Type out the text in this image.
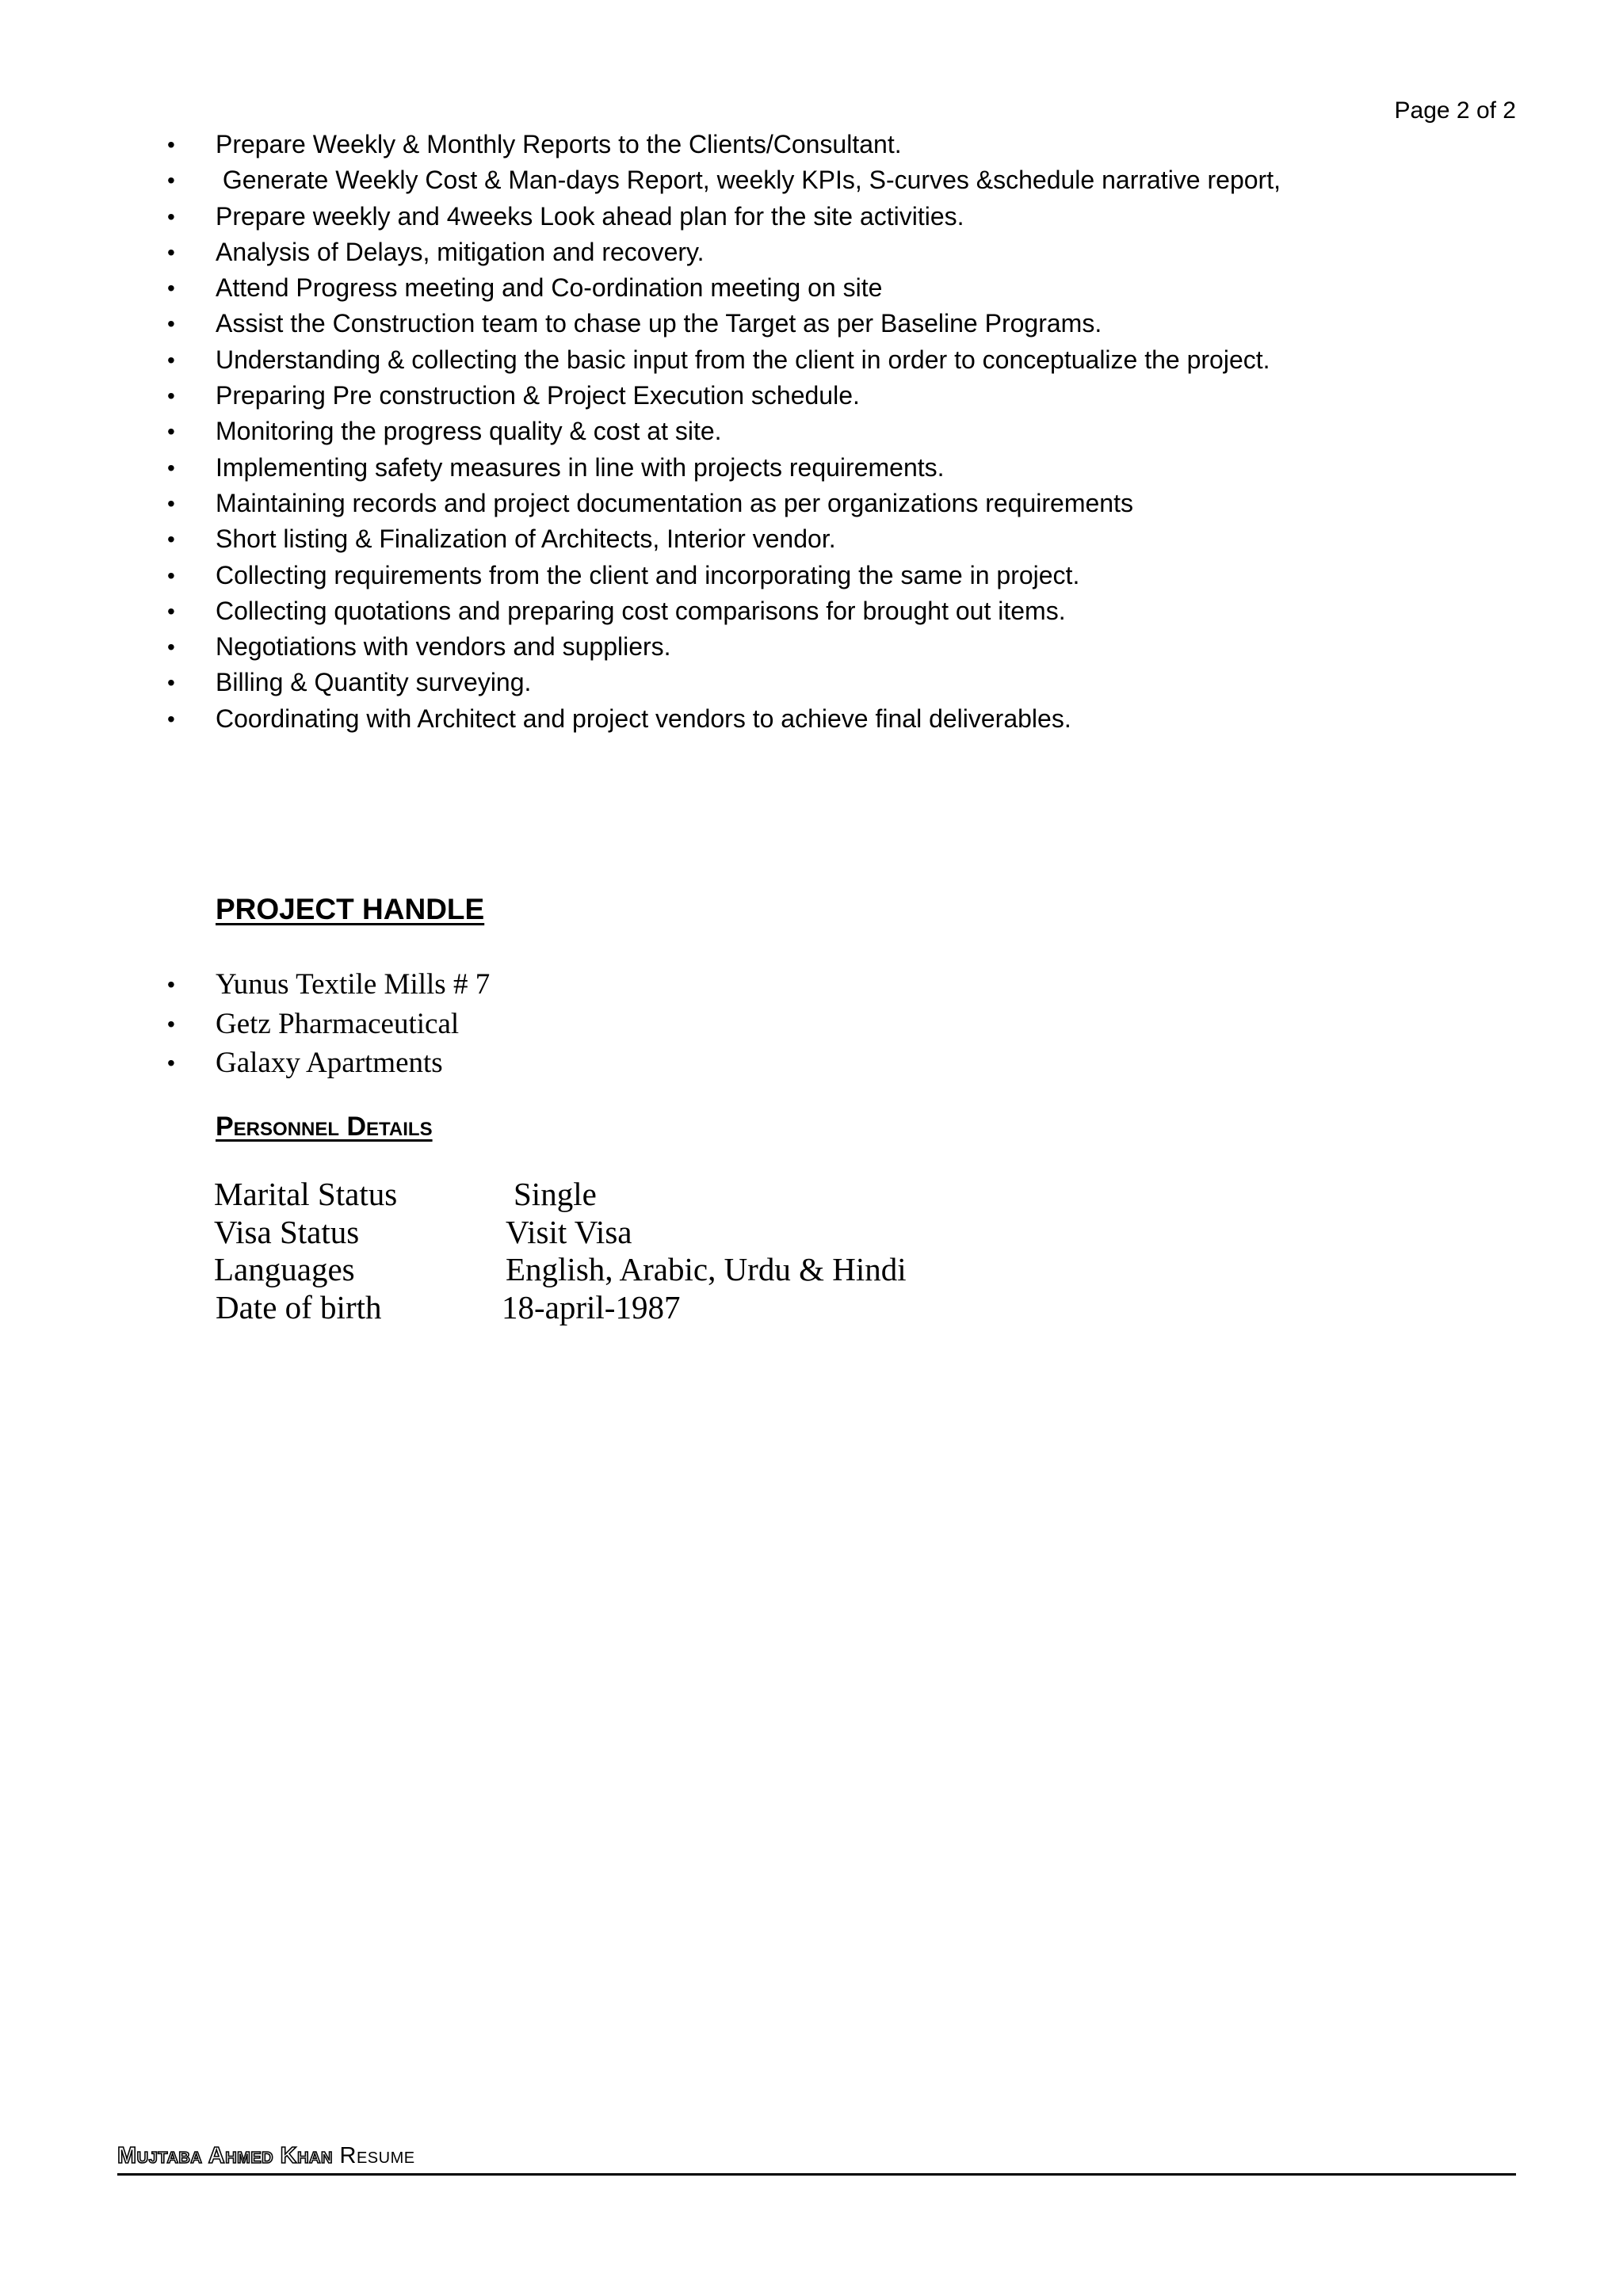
Page 2 of 2

• Prepare Weekly & Monthly Reports to the Clients/Consultant.
• Generate Weekly Cost & Man-days Report, weekly KPIs, S-curves &schedule narrative report,
• Prepare weekly and 4weeks Look ahead plan for the site activities.
• Analysis of Delays, mitigation and recovery.
• Attend Progress meeting and Co-ordination meeting on site
• Assist the Construction team to chase up the Target as per Baseline Programs.
• Understanding & collecting the basic input from the client in order to conceptualize the project.
• Preparing Pre construction & Project Execution schedule.
• Monitoring the progress quality & cost at site.
• Implementing safety measures in line with projects requirements.
• Maintaining records and project documentation as per organizations requirements
• Short listing & Finalization of Architects, Interior vendor.
• Collecting requirements from the client and incorporating the same in project.
• Collecting quotations and preparing cost comparisons for brought out items.
• Negotiations with vendors and suppliers.
• Billing & Quantity surveying.
• Coordinating with Architect and project vendors to achieve final deliverables.
PROJECT HANDLE
• Yunus Textile Mills # 7
• Getz Pharmaceutical
• Galaxy Apartments
Personnel Details
Marital Status	Single
Visa Status	Visit Visa
Languages	English, Arabic, Urdu & Hindi
Date of birth	18-april-1987

Mujtaba Ahmed Khan Resume
